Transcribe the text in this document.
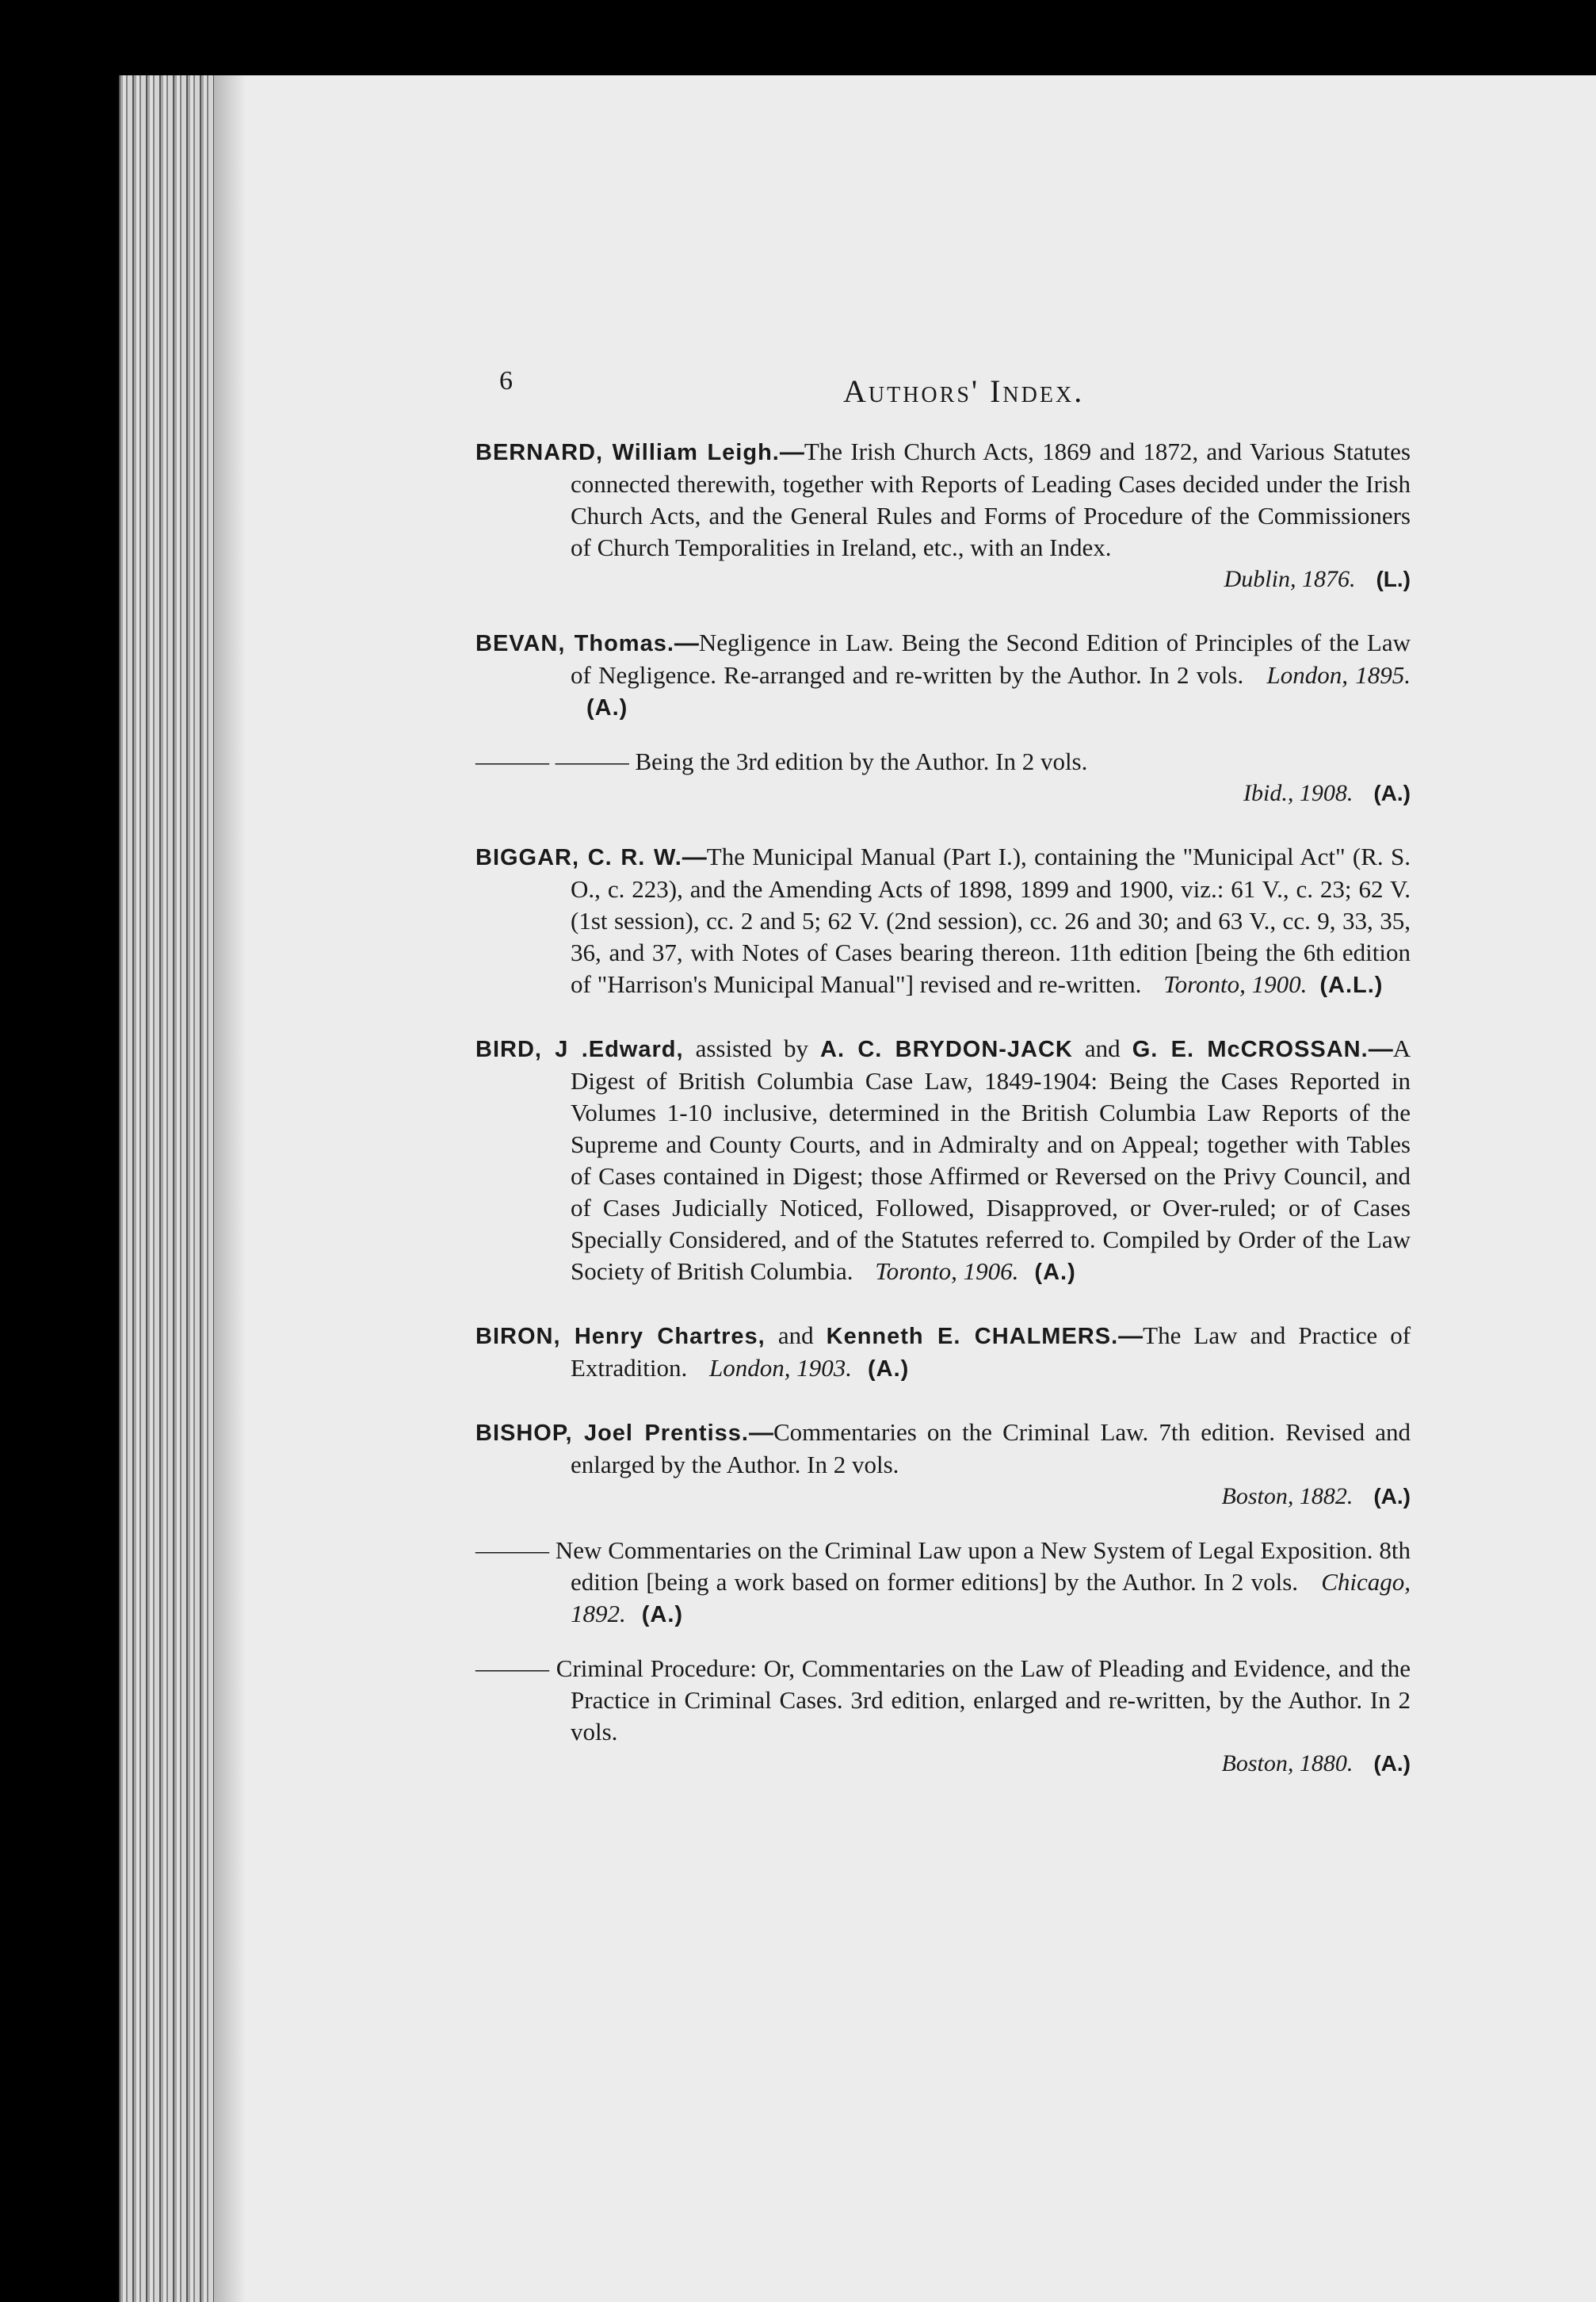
6	Authors' Index.

BERNARD, William Leigh.—The Irish Church Acts, 1869 and 1872, and Various Statutes connected therewith, together with Reports of Leading Cases decided under the Irish Church Acts, and the General Rules and Forms of Procedure of the Commissioners of Church Temporalities in Ireland, etc., with an Index.

Dublin, 1876. (L.)

BEVAN, Thomas.—Negligence in Law. Being the Second Edition of Principles of the Law of Negligence. Re-arranged and re-written by the Author. In 2 vols. London, 1895.(A.)

——— ——— Being the 3rd edition by the Author. In 2 vols.

Ibid., 1908. (A.)

BIGGAR, C. R. W.—The Municipal Manual (Part I.), containing the "Municipal Act" (R. S. O., c. 223), and the Amending Acts of 1898, 1899 and 1900, viz.: 61 V., c. 23; 62 V. (1st session), cc. 2 and 5; 62 V. (2nd session), cc. 26 and 30; and 63 V., cc. 9, 33, 35, 36, and 37, with Notes of Cases bearing thereon. 11th edition [being the 6th edition of "Harrison's Municipal Manual"] revised and re-written. Toronto, 1900. (A.L.)

BIRD, J .Edward, assisted by A. C. BRYDON-JACK and G. E. McCROSSAN.—A Digest of British Columbia Case Law, 1849-1904: Being the Cases Reported in Volumes 1-10 inclusive, determined in the British Columbia Law Reports of the Supreme and County Courts, and in Admiralty and on Appeal; together with Tables of Cases contained in Digest; those Affirmed or Reversed on the Privy Council, and of Cases Judicially Noticed, Followed, Disapproved, or Over-ruled; or of Cases Specially Considered, and of the Statutes referred to. Compiled by Order of the Law Society of British Columbia. Toronto, 1906. (A.)

BIRON, Henry Chartres, and Kenneth E. CHALMERS.—The Law and Practice of Extradition. London, 1903. (A.)

BISHOP, Joel Prentiss.—Commentaries on the Criminal Law. 7th edition. Revised and enlarged by the Author. In 2 vols.

Boston, 1882. (A.)

——— New Commentaries on the Criminal Law upon a New System of Legal Exposition. 8th edition [being a work based on former editions] by the Author. In 2 vols. Chicago, 1892. (A.)

——— Criminal Procedure: Or, Commentaries on the Law of Pleading and Evidence, and the Practice in Criminal Cases. 3rd edition, enlarged and re-written, by the Author. In 2 vols.

Boston, 1880. (A.)
